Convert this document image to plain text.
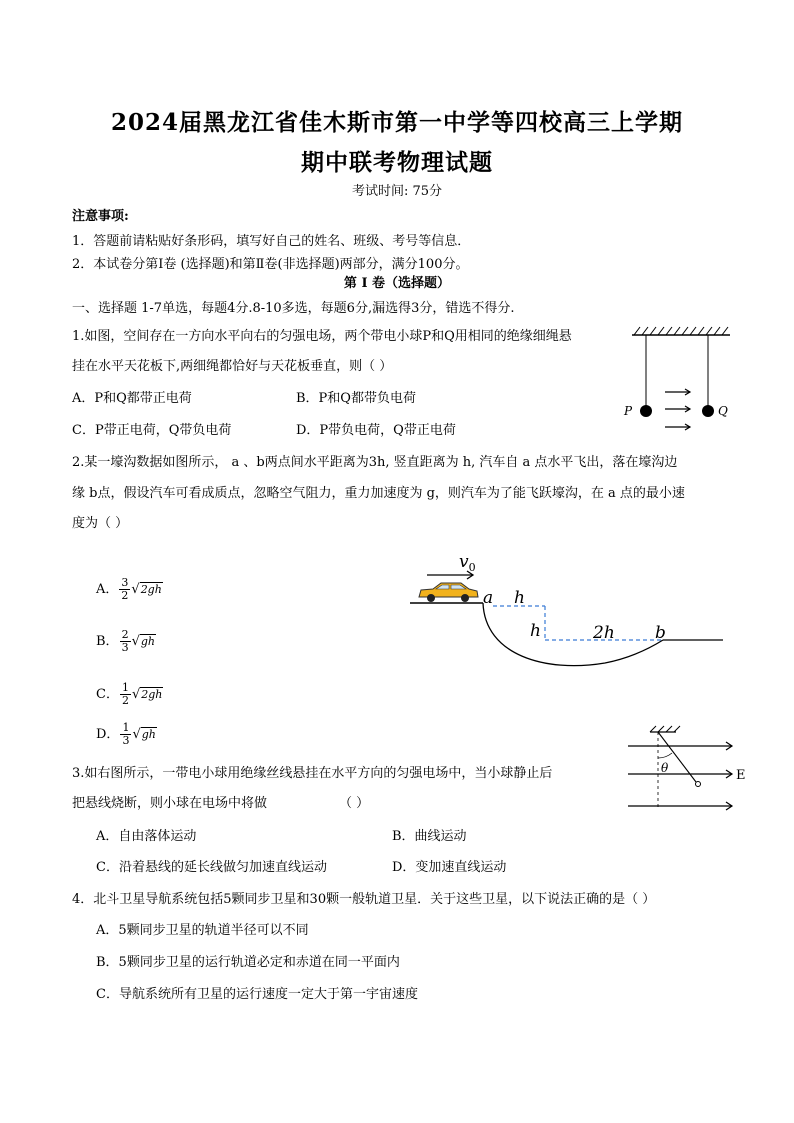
2024届黑龙江省佳木斯市第一中学等四校高三上学期
期中联考物理试题
考试时间: 75分
注意事项:
1．答题前请粘贴好条形码，填写好自己的姓名、班级、考号等信息．
2．本试卷分第Ⅰ卷 (选择题)和第Ⅱ卷(非选择题)两部分，满分100分。
第 Ⅰ 卷（选择题）
一、选择题 1-7单选，每题4分.8-10多选，每题6分,漏选得3分，错选不得分.
1.如图，空间存在一方向水平向右的匀强电场，两个带电小球P和Q用相同的绝缘细绳悬
挂在水平天花板下,两细绳都恰好与天花板垂直，则（ ）
A．P和Q都带正电荷	B．P和Q都带负电荷
C．P带正电荷，Q带负电荷	D．P带负电荷，Q带正电荷
P	Q
2.某一壕沟数据如图所示， a 、b两点间水平距离为3h, 竖直距离为 h, 汽车自 a 点水平飞出，落在壕沟边
缘 b点，假设汽车可看成质点，忽略空气阻力，重力加速度为 g，则汽车为了能飞跃壕沟，在 a 点的最小速
度为（ ）
A． $\frac{3}{2} √2gh$
B． $\frac{2}{3} √gh$
C． $\frac{1}{2} √2gh$
D． $\frac{1}{3} √gh$
$v_0$
a h
h	2h b
3.如右图所示，一带电小球用绝缘丝线悬挂在水平方向的匀强电场中，当小球静止后
把悬线烧断，则小球在电场中将做	（ ）
A．自由落体运动	B．曲线运动
C．沿着悬线的延长线做匀加速直线运动	D．变加速直线运动
θ	E
4．北斗卫星导航系统包括5颗同步卫星和30颗一般轨道卫星．关于这些卫星，以下说法正确的是（ ）
A．5颗同步卫星的轨道半径可以不同
B．5颗同步卫星的运行轨道必定和赤道在同一平面内
C．导航系统所有卫星的运行速度一定大于第一宇宙速度
